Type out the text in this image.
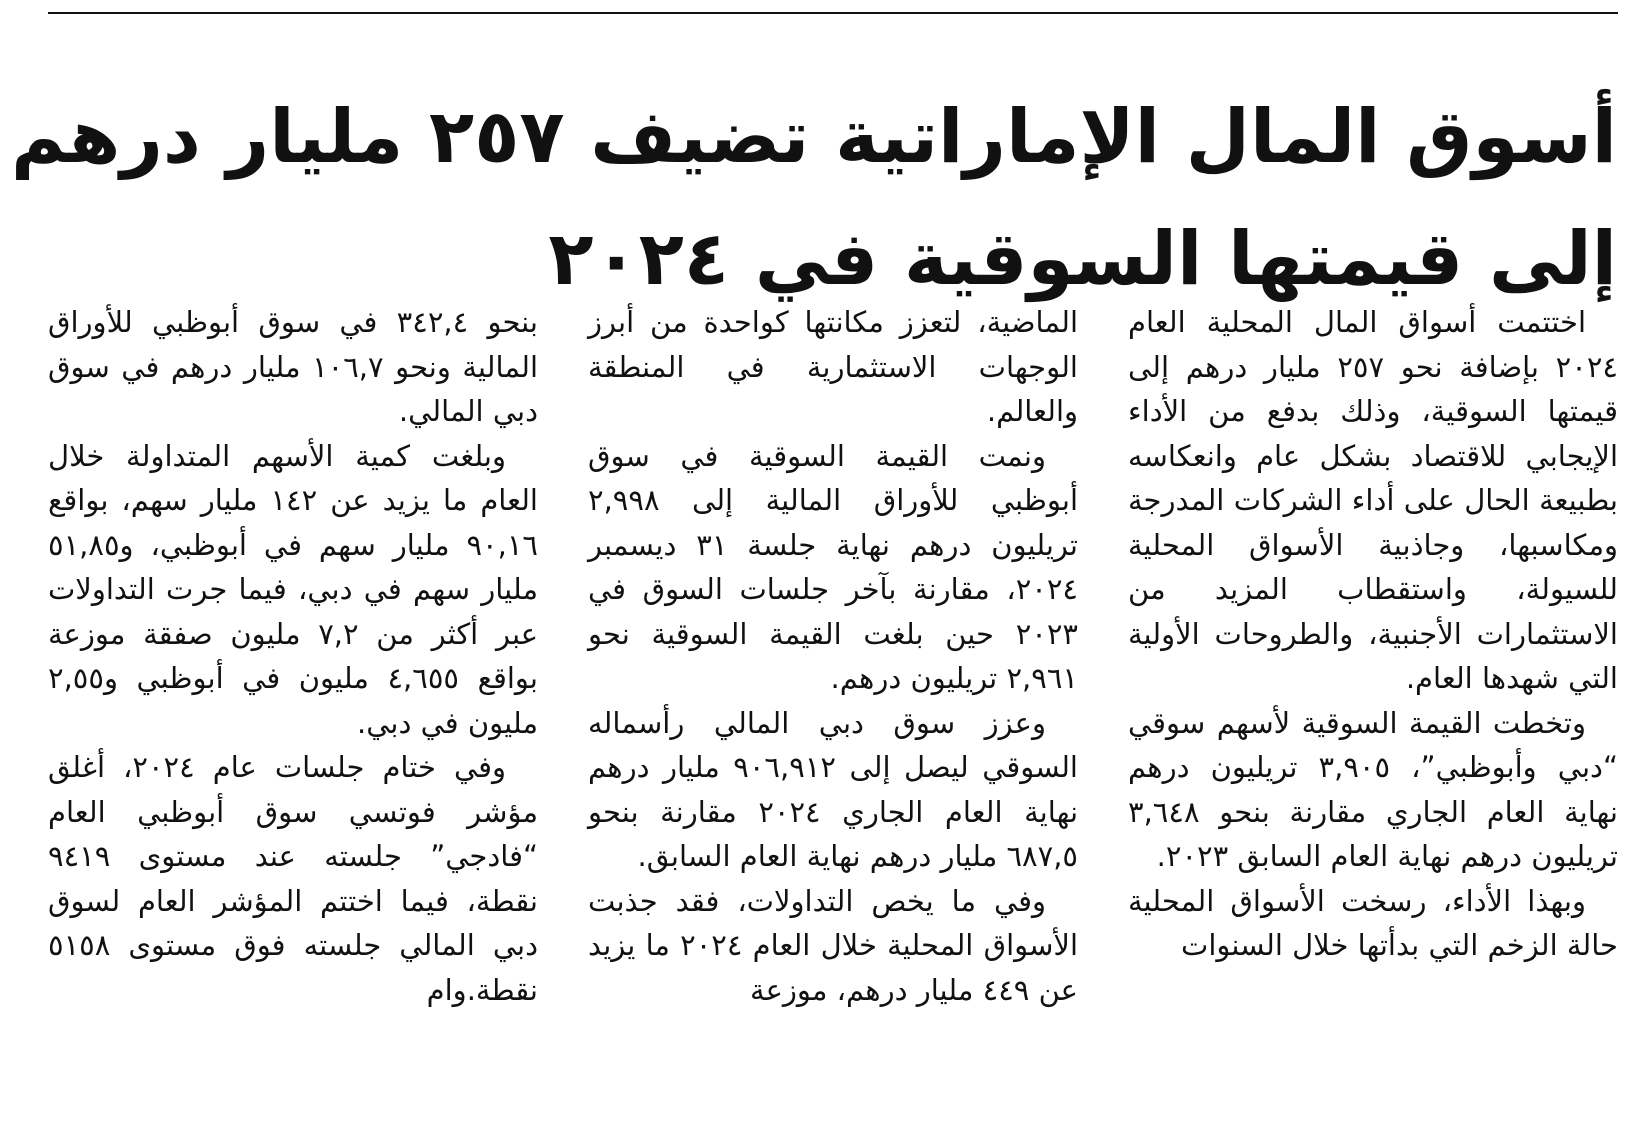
أسوق المال الإماراتية تضيف ٢٥٧ مليار درهم
إلى قيمتها السوقية في ٢٠٢٤

اختتمت أسواق المال المحلية العام ٢٠٢٤ بإضافة نحو ٢٥٧ مليار درهم إلى قيمتها السوقية، وذلك بدفع من الأداء الإيجابي للاقتصاد بشكل عام وانعكاسه بطبيعة الحال على أداء الشركات المدرجة ومكاسبها، وجاذبية الأسواق المحلية للسيولة، واستقطاب المزيد من الاستثمارات الأجنبية، والطروحات الأولية التي شهدها العام.

وتخطت القيمة السوقية لأسهم سوقي “دبي وأبوظبي”، ٣,٩٠٥ تريليون درهم نهاية العام الجاري مقارنة بنحو ٣,٦٤٨ تريليون درهم نهاية العام السابق ٢٠٢٣.

وبهذا الأداء، رسخت الأسواق المحلية حالة الزخم التي بدأتها خلال السنوات

الماضية، لتعزز مكانتها كواحدة من أبرز الوجهات الاستثمارية في المنطقة والعالم.

ونمت القيمة السوقية في سوق أبوظبي للأوراق المالية إلى ٢,٩٩٨ تريليون درهم نهاية جلسة ٣١ ديسمبر ٢٠٢٤، مقارنة بآخر جلسات السوق في ٢٠٢٣ حين بلغت القيمة السوقية نحو ٢,٩٦١ تريليون درهم.

وعزز سوق دبي المالي رأسماله السوقي ليصل إلى ٩٠٦,٩١٢ مليار درهم نهاية العام الجاري ٢٠٢٤ مقارنة بنحو ٦٨٧,٥ مليار درهم نهاية العام السابق.

وفي ما يخص التداولات، فقد جذبت الأسواق المحلية خلال العام ٢٠٢٤ ما يزيد عن ٤٤٩ مليار درهم، موزعة

بنحو ٣٤٢,٤ في سوق أبوظبي للأوراق المالية ونحو ١٠٦,٧ مليار درهم في سوق دبي المالي.

وبلغت كمية الأسهم المتداولة خلال العام ما يزيد عن ١٤٢ مليار سهم، بواقع ٩٠,١٦ مليار سهم في أبوظبي، و٥١,٨٥ مليار سهم في دبي، فيما جرت التداولات عبر أكثر من ٧,٢ مليون صفقة موزعة بواقع ٤,٦٥٥ مليون في أبوظبي و٢,٥٥ مليون في دبي.

وفي ختام جلسات عام ٢٠٢٤، أغلق مؤشر فوتسي سوق أبوظبي العام “فادجي” جلسته عند مستوى ٩٤١٩ نقطة، فيما اختتم المؤشر العام لسوق دبي المالي جلسته فوق مستوى ٥١٥٨ نقطة.وام
